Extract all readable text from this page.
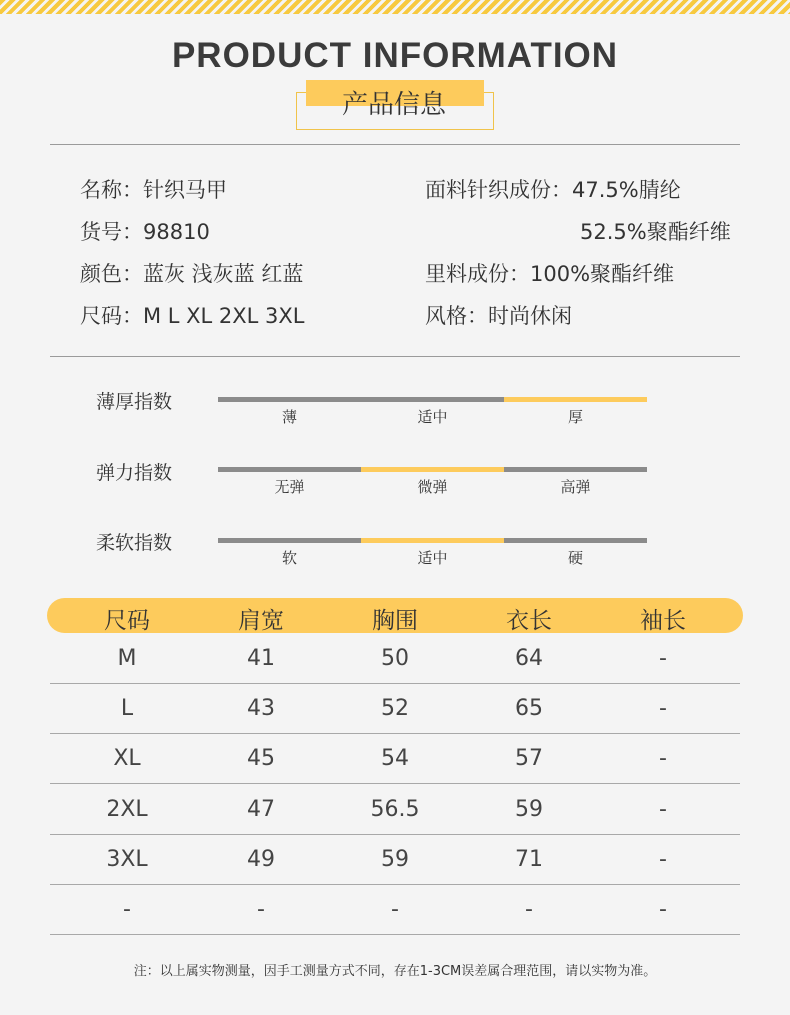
PRODUCT INFORMATION
产品信息
名称：针织马甲
货号：98810
颜色：蓝灰 浅灰蓝 红蓝
尺码：M L XL 2XL 3XL
面料针织成份：47.5%腈纶
52.5%聚酯纤维
里料成份：100%聚酯纤维
风格：时尚休闲
薄厚指数
薄	适中	厚
弹力指数
无弹	微弹	高弹
柔软指数
软	适中	硬
尺码	肩宽	胸围	衣长	袖长
M	41	50	64	-
L	43	52	65	-
XL	45	54	57	-
2XL	47	56.5	59	-
3XL	49	59	71	-
-	-	-	-	-
注：以上属实物测量，因手工测量方式不同，存在1-3CM误差属合理范围，请以实物为准。
